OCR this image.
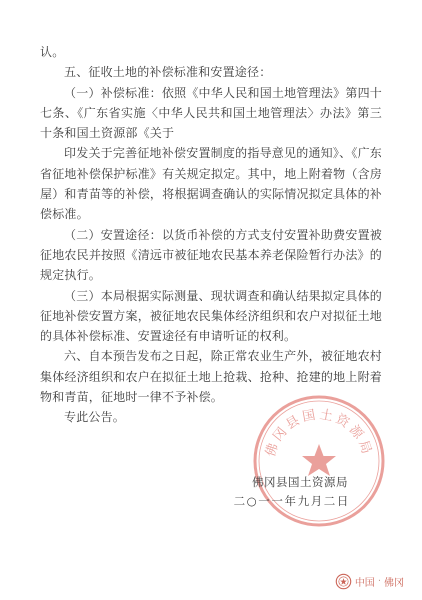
认。

五、征收土地的补偿标准和安置途径：

（一）补偿标准：依照《中华人民和国土地管理法》第四十七条、《广东省实施〈中华人民共和国土地管理法〉办法》第三十条和国土资源部《关于

印发关于完善征地补偿安置制度的指导意见的通知》、《广东省征地补偿保护标准》有关规定拟定。其中，地上附着物（含房屋）和青苗等的补偿，将根据调查确认的实际情况拟定具体的补偿标准。

（二）安置途径：以货币补偿的方式支付安置补助费安置被征地农民并按照《清远市被征地农民基本养老保险暂行办法》的规定执行。

（三）本局根据实际测量、现状调查和确认结果拟定具体的征地补偿安置方案，被征地农民集体经济组织和农户对拟征土地的具体补偿标准、安置途径有申请听证的权利。

六、自本预告发布之日起，除正常农业生产外，被征地农村集体经济组织和农户在拟征土地上抢栽、抢种、抢建的地上附着物和青苗，征地时一律不予补偿。

专此公告。

佛冈县国土资源局
佛冈县国土资源局
二○一一年九月二日
中国 · 佛冈
